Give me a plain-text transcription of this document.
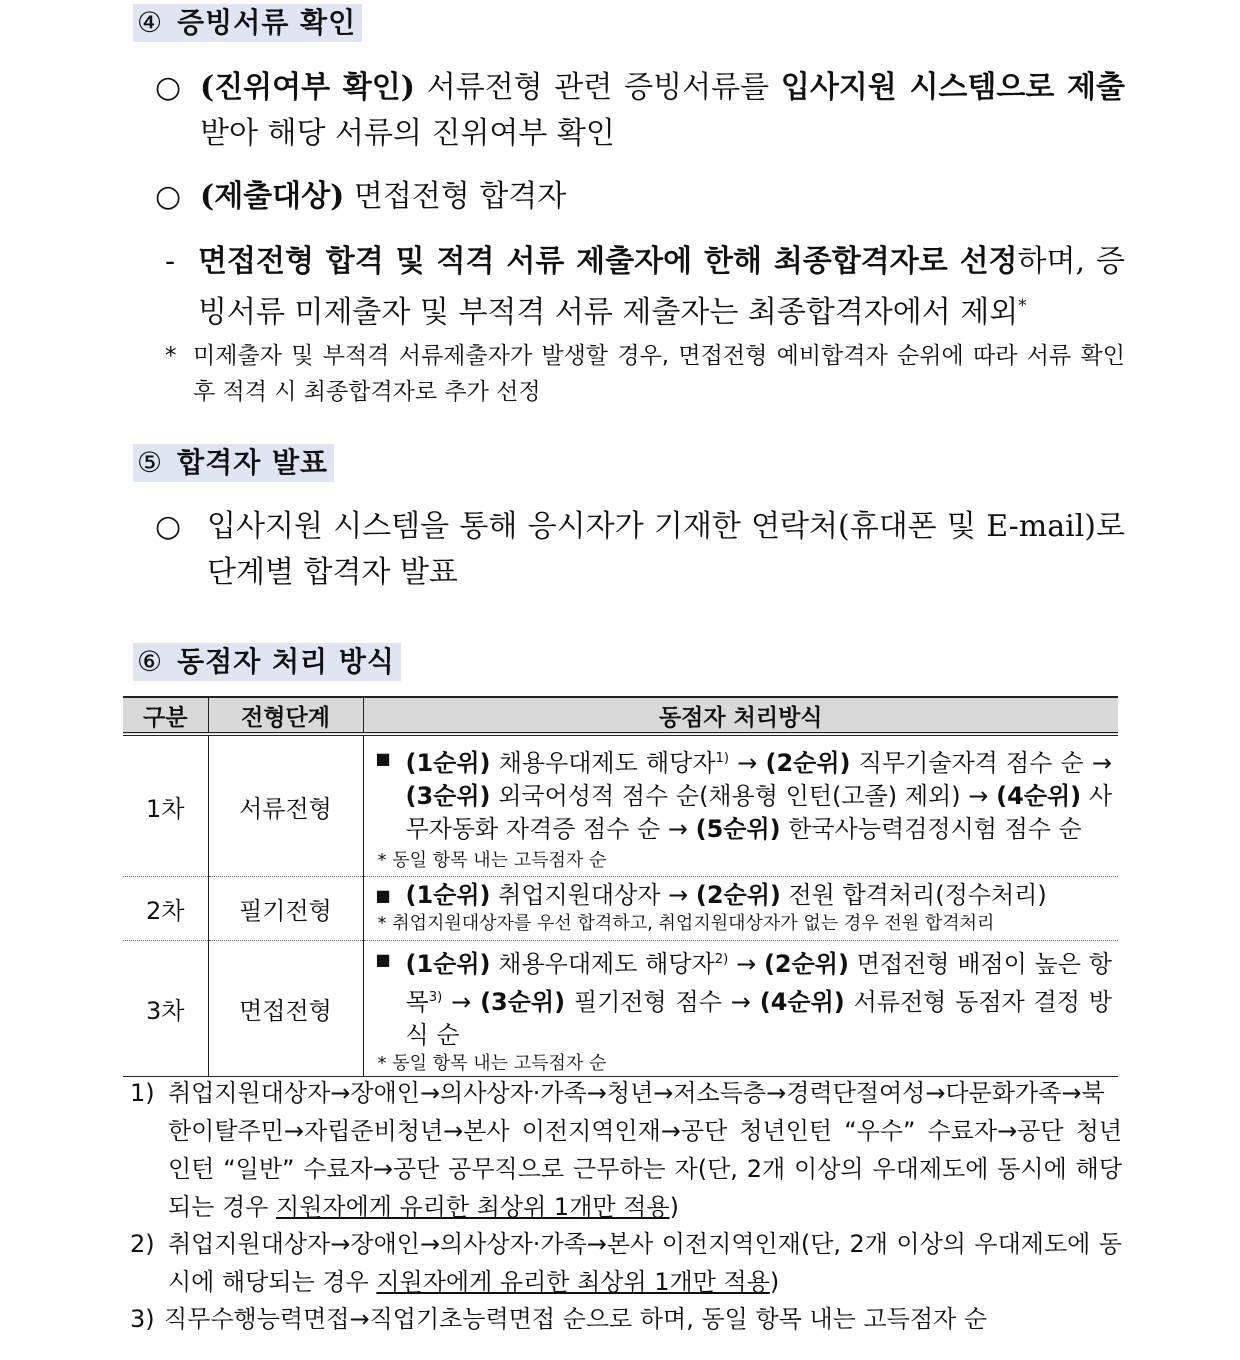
④ 증빙서류 확인
○ (진위여부 확인) 서류전형 관련 증빙서류를 입사지원 시스템으로 제출받아 해당 서류의 진위여부 확인
○ (제출대상) 면접전형 합격자
- 면접전형 합격 및 적격 서류 제출자에 한해 최종합격자로 선정하며, 증빙서류 미제출자 및 부적격 서류 제출자는 최종합격자에서 제외*
* 미제출자 및 부적격 서류제출자가 발생할 경우, 면접전형 예비합격자 순위에 따라 서류 확인 후 적격 시 최종합격자로 추가 선정
⑤ 합격자 발표
○ 입사지원 시스템을 통해 응시자가 기재한 연락처(휴대폰 및 E-mail)로 단계별 합격자 발표
⑥ 동점자 처리 방식
구분	전형단계	동점자 처리방식
1차	서류전형	■ (1순위) 채용우대제도 해당자$^{1)}$ → (2순위) 직무기술자격 점수 순 → (3순위) 외국어성적 점수 순(채용형 인턴(고졸) 제외) → (4순위) 사무자동화 자격증 점수 순 → (5순위) 한국사능력검정시험 점수 순
* 동일 항목 내는 고득점자 순

2차	필기전형	■ (1순위) 취업지원대상자 → (2순위) 전원 합격처리(정수처리)
* 취업지원대상자를 우선 합격하고, 취업지원대상자가 없는 경우 전원 합격처리

3차	면접전형	■ (1순위) 채용우대제도 해당자$^{2)}$ → (2순위) 면접전형 배점이 높은 항목$^{3)}$ → (3순위) 필기전형 점수 → (4순위) 서류전형 동점자 결정 방식 순
* 동일 항목 내는 고득점자 순
1) 취업지원대상자→장애인→의사상자·가족→청년→저소득층→경력단절여성→다문화가족→북한이탈주민→자립준비청년→본사 이전지역인재→공단 청년인턴 “우수” 수료자→공단 청년인턴 “일반” 수료자→공단 공무직으로 근무하는 자(단, 2개 이상의 우대제도에 동시에 해당되는 경우 지원자에게 유리한 최상위 1개만 적용)
2) 취업지원대상자→장애인→의사상자·가족→본사 이전지역인재(단, 2개 이상의 우대제도에 동시에 해당되는 경우 지원자에게 유리한 최상위 1개만 적용)
3) 직무수행능력면접→직업기초능력면접 순으로 하며, 동일 항목 내는 고득점자 순
